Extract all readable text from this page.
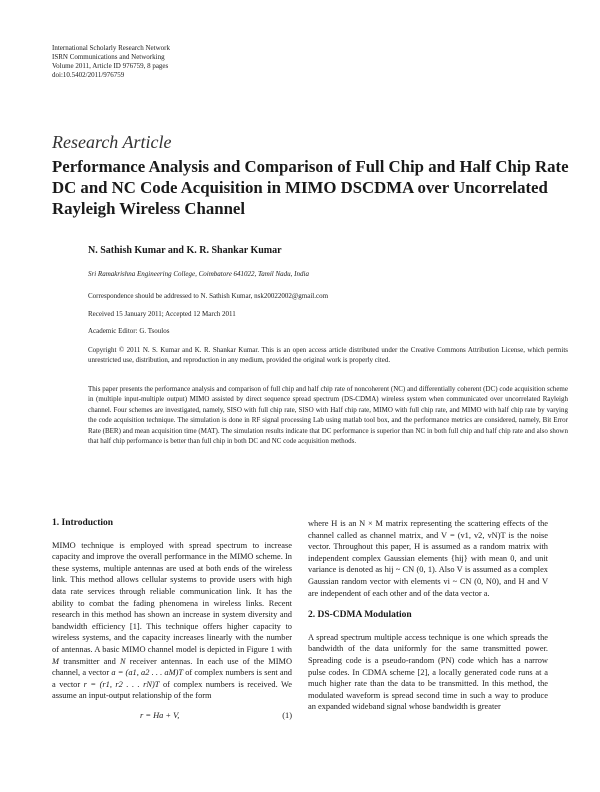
International Scholarly Research Network
ISRN Communications and Networking
Volume 2011, Article ID 976759, 8 pages
doi:10.5402/2011/976759
Research Article
Performance Analysis and Comparison of Full Chip and Half Chip Rate DC and NC Code Acquisition in MIMO DSCDMA over Uncorrelated Rayleigh Wireless Channel
N. Sathish Kumar and K. R. Shankar Kumar
Sri Ramakrishna Engineering College, Coimbatore 641022, Tamil Nadu, India
Correspondence should be addressed to N. Sathish Kumar, nsk20022002@gmail.com
Received 15 January 2011; Accepted 12 March 2011
Academic Editor: G. Tsoulos
Copyright © 2011 N. S. Kumar and K. R. Shankar Kumar. This is an open access article distributed under the Creative Commons Attribution License, which permits unrestricted use, distribution, and reproduction in any medium, provided the original work is properly cited.
This paper presents the performance analysis and comparison of full chip and half chip rate of noncoherent (NC) and differentially coherent (DC) code acquisition scheme in (multiple input-multiple output) MIMO assisted by direct sequence spread spectrum (DS-CDMA) wireless system when communicated over uncorrelated Rayleigh channel. Four schemes are investigated, namely, SISO with full chip rate, SISO with Half chip rate, MIMO with full chip rate, and MIMO with half chip rate by varying the code acquisition technique. The simulation is done in RF signal processing Lab using matlab tool box, and the performance metrics are considered, namely, Bit Error Rate (BER) and mean acquisition time (MAT). The simulation results indicate that DC performance is superior than NC in both full chip and half chip rate and also shown that half chip performance is better than full chip in both DC and NC code acquisition methods.
1. Introduction

MIMO technique is employed with spread spectrum to increase capacity and improve the overall performance in the MIMO scheme. In these systems, multiple antennas are used at both ends of the wireless link. This method allows cellular systems to provide users with high data rate services through reliable communication link. It has the ability to combat the fading phenomena in wireless links. Recent research in this method has shown an increase in system diversity and bandwidth efficiency [1]. This technique offers higher capacity to wireless systems, and the capacity increases linearly with the number of antennas. A basic MIMO channel model is depicted in Figure 1 with M transmitter and N receiver antennas. In each use of the MIMO channel, a vector a = (a1, a2 . . . aM)T of complex numbers is sent and a vector r = (r1, r2 . . . rN)T of complex numbers is received. We assume an input-output relationship of the form

r = Ha + V,	(1)

where H is an N × M matrix representing the scattering effects of the channel called as channel matrix, and V = (v1, v2, vN)T is the noise vector. Throughout this paper, H is assumed as a random matrix with independent complex Gaussian elements {hij} with mean 0, and unit variance is denoted as hij ~ CN (0, 1). Also V is assumed as a complex Gaussian random vector with elements vi ~ CN (0, N0), and H and V are independent of each other and of the data vector a.

2. DS-CDMA Modulation

A spread spectrum multiple access technique is one which spreads the bandwidth of the data uniformly for the same transmitted power. Spreading code is a pseudo-random (PN) code which has a narrow pulse codes. In CDMA scheme [2], a locally generated code runs at a much higher rate than the data to be transmitted. In this method, the modulated waveform is spread second time in such a way to produce an expanded wideband signal whose bandwidth is greater
